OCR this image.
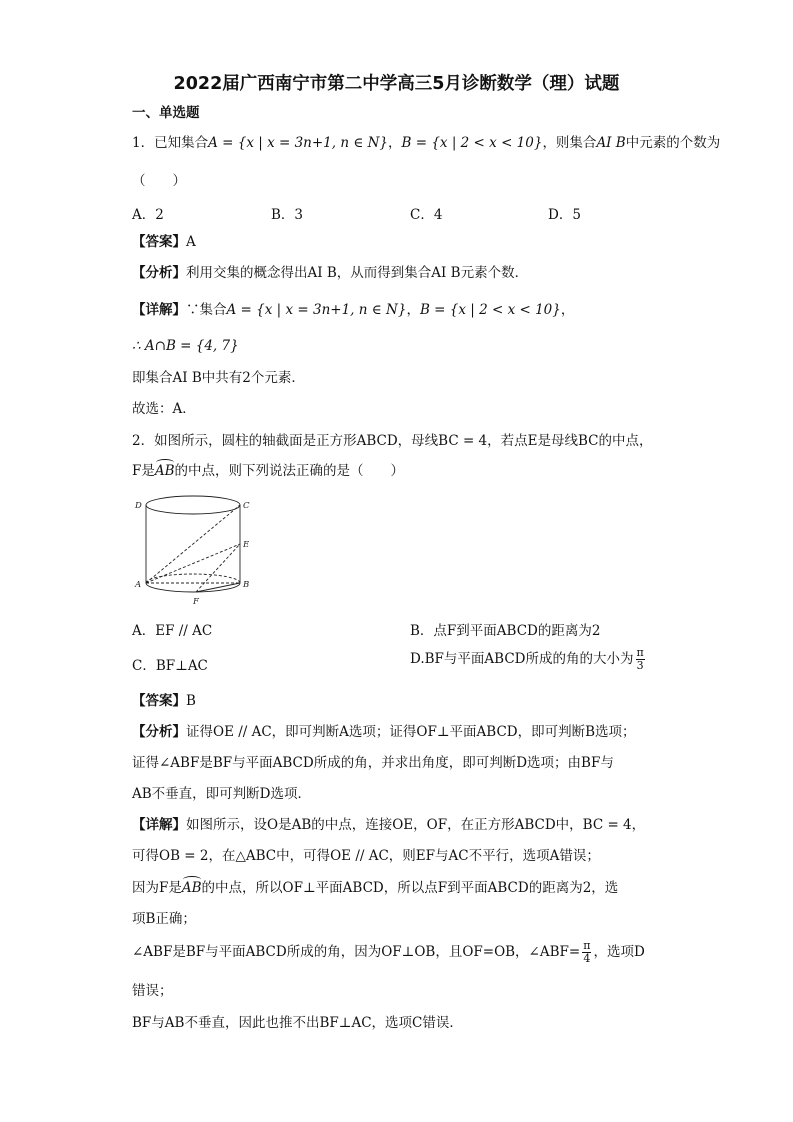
2022届广西南宁市第二中学高三5月诊断数学（理）试题
一、单选题
1．已知集合A = {x | x = 3n+1, n ∈ N}，B = {x | 2 < x < 10}，则集合AI B中元素的个数为
（　　）
A．2	B．3	C．4	D．5
【答案】A
【分析】利用交集的概念得出AI B，从而得到集合AI B元素个数．
【详解】∵集合A = {x | x = 3n+1, n ∈ N}，B = {x | 2 < x < 10}，
∴ A∩B = {4, 7}
即集合AI B中共有2个元素．
故选：A．
2．如图所示，圆柱的轴截面是正方形ABCD，母线BC = 4，若点E是母线BC的中点，
F是AB的中点，则下列说法正确的是（　　）
D	C
E
A	B
F
A．EF // AC	B．点F到平面ABCD的距离为2
C．BF⊥AC	D.BF与平面ABCD所成的角的大小为 $\frac{\pi}{3}$
【答案】B
【分析】证得OE // AC，即可判断A选项；证得OF⊥平面ABCD，即可判断B选项；
证得∠ABF是BF与平面ABCD所成的角，并求出角度，即可判断D选项；由BF与
AB不垂直，即可判断D选项．
【详解】如图所示，设O是AB的中点，连接OE，OF，在正方形ABCD中，BC = 4，
可得OB = 2，在△ABC中，可得OE // AC，则EF与AC不平行，选项A错误；
因为F是AB的中点，所以OF⊥平面ABCD，所以点F到平面ABCD的距离为2，选
项B正确；
∠ABF是BF与平面ABCD所成的角，因为OF⊥OB，且OF=OB，∠ABF= $\frac{\pi}{4}$ ，选项D
错误；
BF与AB不垂直，因此也推不出BF⊥AC，选项C错误．
